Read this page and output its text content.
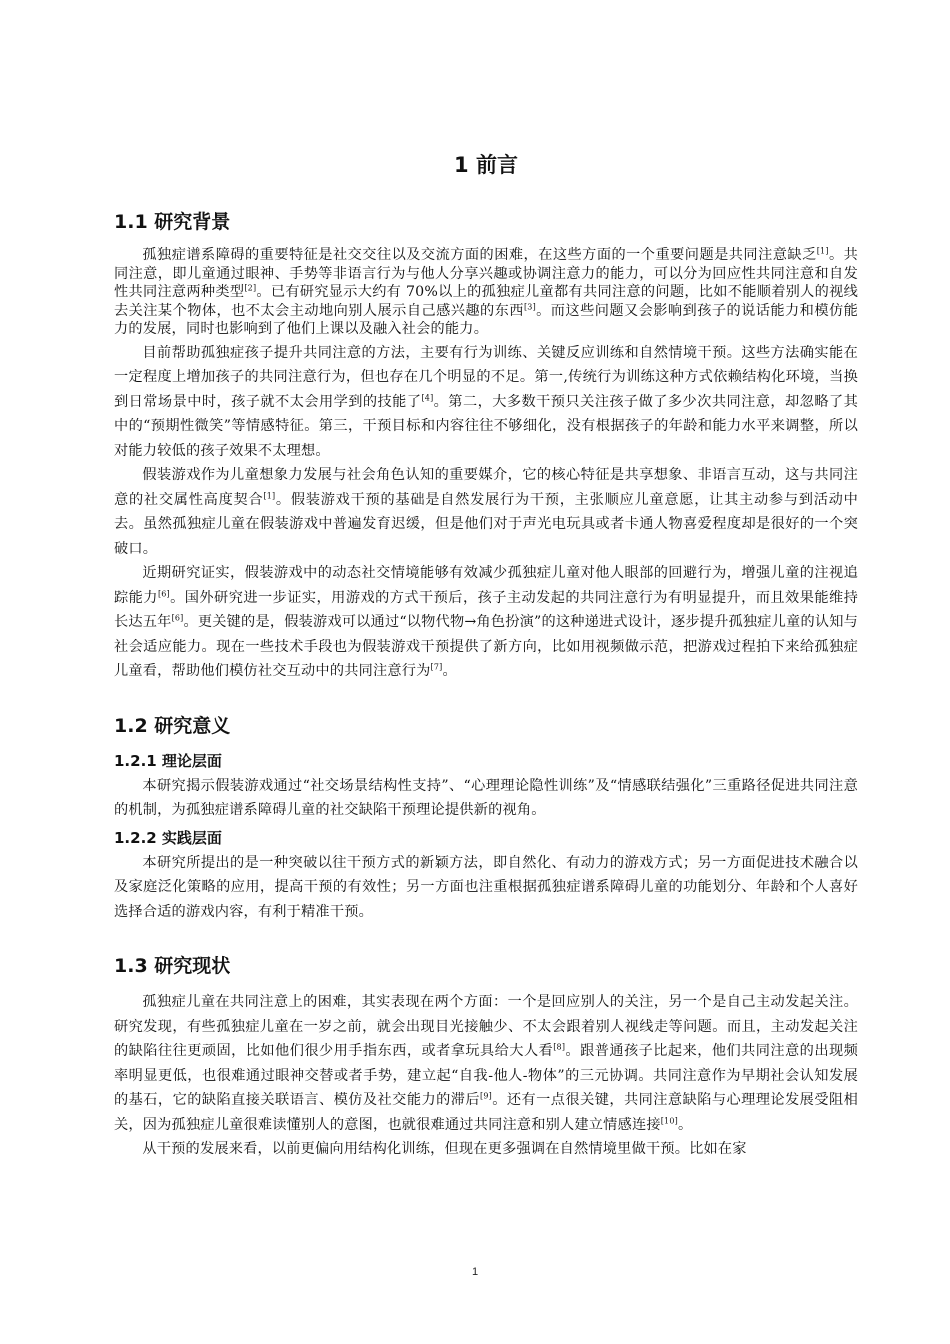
1 前言
1.1 研究背景

孤独症谱系障碍的重要特征是社交交往以及交流方面的困难，在这些方面的一个重要问题是共同注意缺乏[1]。共同注意，即儿童通过眼神、手势等非语言行为与他人分享兴趣或协调注意力的能力，可以分为回应性共同注意和自发性共同注意两种类型[2]。已有研究显示大约有 70%以上的孤独症儿童都有共同注意的问题，比如不能顺着别人的视线去关注某个物体，也不太会主动地向别人展示自己感兴趣的东西[3]。而这些问题又会影响到孩子的说话能力和模仿能力的发展，同时也影响到了他们上课以及融入社会的能力。

目前帮助孤独症孩子提升共同注意的方法，主要有行为训练、关键反应训练和自然情境干预。这些方法确实能在一定程度上增加孩子的共同注意行为，但也存在几个明显的不足。第一,传统行为训练这种方式依赖结构化环境，当换到日常场景中时，孩子就不太会用学到的技能了[4]。第二，大多数干预只关注孩子做了多少次共同注意，却忽略了其中的“预期性微笑”等情感特征。第三，干预目标和内容往往不够细化，没有根据孩子的年龄和能力水平来调整，所以对能力较低的孩子效果不太理想。

假装游戏作为儿童想象力发展与社会角色认知的重要媒介，它的核心特征是共享想象、非语言互动，这与共同注意的社交属性高度契合[1]。假装游戏干预的基础是自然发展行为干预，主张顺应儿童意愿，让其主动参与到活动中去。虽然孤独症儿童在假装游戏中普遍发育迟缓，但是他们对于声光电玩具或者卡通人物喜爱程度却是很好的一个突破口。

近期研究证实，假装游戏中的动态社交情境能够有效减少孤独症儿童对他人眼部的回避行为，增强儿童的注视追踪能力[6]。国外研究进一步证实，用游戏的方式干预后，孩子主动发起的共同注意行为有明显提升，而且效果能维持长达五年[6]。更关键的是，假装游戏可以通过“以物代物→角色扮演”的这种递进式设计，逐步提升孤独症儿童的认知与社会适应能力。现在一些技术手段也为假装游戏干预提供了新方向，比如用视频做示范，把游戏过程拍下来给孤独症儿童看，帮助他们模仿社交互动中的共同注意行为[7]。

1.2 研究意义
1.2.1 理论层面

本研究揭示假装游戏通过“社交场景结构性支持”、“心理理论隐性训练”及“情感联结强化”三重路径促进共同注意的机制，为孤独症谱系障碍儿童的社交缺陷干预理论提供新的视角。

1.2.2 实践层面

本研究所提出的是一种突破以往干预方式的新颖方法，即自然化、有动力的游戏方式；另一方面促进技术融合以及家庭泛化策略的应用，提高干预的有效性；另一方面也注重根据孤独症谱系障碍儿童的功能划分、年龄和个人喜好选择合适的游戏内容，有利于精准干预。

1.3 研究现状

孤独症儿童在共同注意上的困难，其实表现在两个方面：一个是回应别人的关注，另一个是自己主动发起关注。研究发现，有些孤独症儿童在一岁之前，就会出现目光接触少、不太会跟着别人视线走等问题。而且，主动发起关注的缺陷往往更顽固，比如他们很少用手指东西，或者拿玩具给大人看[8]。跟普通孩子比起来，他们共同注意的出现频率明显更低，也很难通过眼神交替或者手势，建立起“自我-他人-物体”的三元协调。共同注意作为早期社会认知发展的基石，它的缺陷直接关联语言、模仿及社交能力的滞后[9]。还有一点很关键，共同注意缺陷与心理理论发展受阻相关，因为孤独症儿童很难读懂别人的意图，也就很难通过共同注意和别人建立情感连接[10]。

从干预的发展来看，以前更偏向用结构化训练，但现在更多强调在自然情境里做干预。比如在家

1
